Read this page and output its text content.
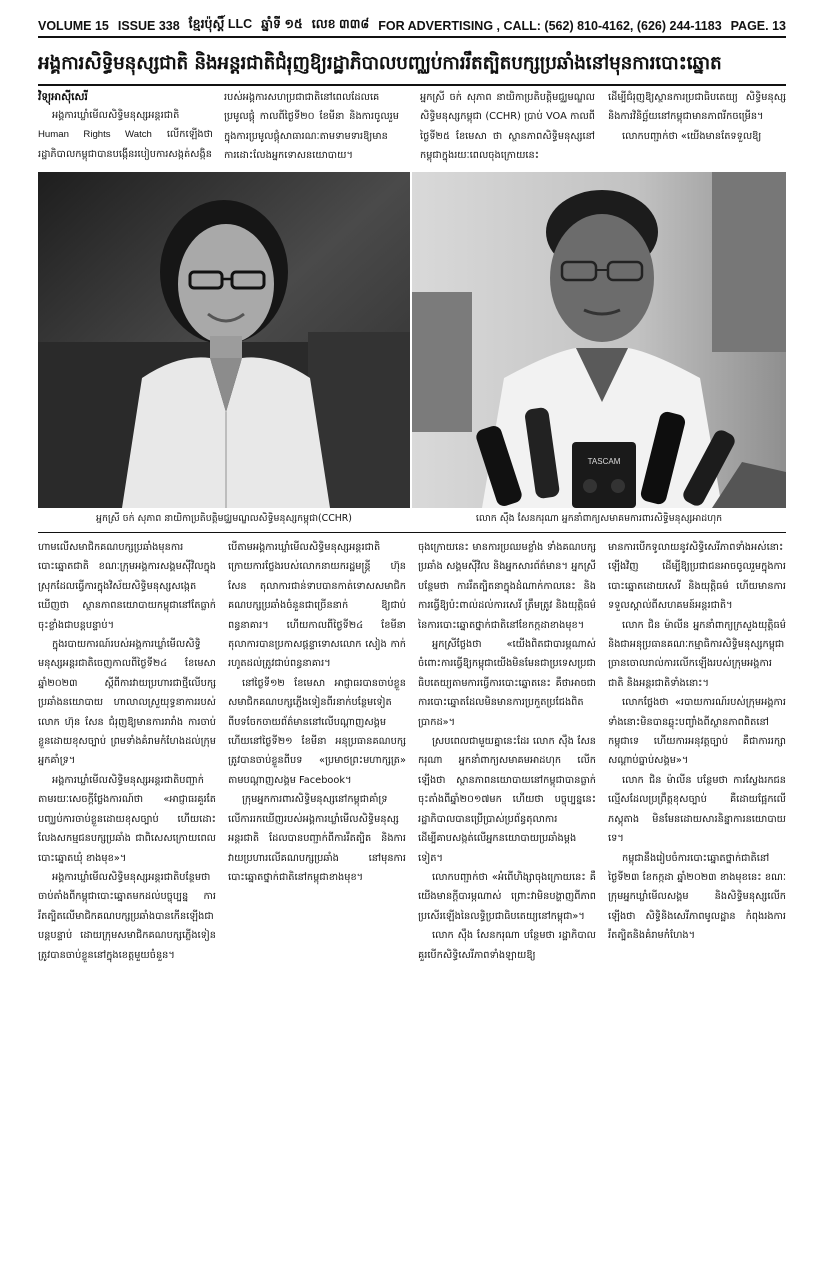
VOLUME 15 ISSUE 338 ខ្មែរប៉ុស្ដិ៍ LLC ឆ្នាំទី ១៥ លេខ ៣៣៨ FOR ADVERTISING , CALL: (562) 810-4162, (626) 244-1183 PAGE. 13
អង្គការសិទ្ធិមនុស្សជាតិ និងអន្តរជាតិជំរុញឱ្យរដ្ឋាភិបាលបញ្ឈប់ការរឹតត្បិតបក្សប្រឆាំងនៅមុនការបោះឆ្នោត
វិទ្យុអាស៊ីសេរី

អង្គការឃ្លាំមើលសិទ្ធិមនុស្សអន្តរជាតិ Human Rights Watch លើកឡើងថា រដ្ឋាភិបាលកម្ពុជាបានបង្កើនរបៀបការសង្កត់សង្កិន

របស់អង្គការសហប្រជាជាតិនៅពេលដែលគេប្រមូលផ្ដុំ កាលពីថ្ងៃទី២០ ខែមីនា និងការចូលរួមក្នុងការប្រមូលផ្ដុំសាធារណៈតាមទាមទារឱ្យមានការដោះលែងអ្នកទោសនយោបាយ។

អ្នកស្រី ចក់ សុភាព នាយិកាប្រតិបត្តិមជ្ឈមណ្ឌលសិទ្ធិមនុស្សកម្ពុជា (CCHR) ប្រាប់ VOA កាលពីថ្ងៃទី២៥ ខែមេសា ថា ស្ថានភាពសិទ្ធិមនុស្សនៅកម្ពុជាក្នុងរយៈពេលចុងក្រោយនេះ

ដើម្បីជំរុញឱ្យស្ថានការប្រជាធិបតេយ្យ សិទ្ធិមនុស្ស និងការវិនិច្ឆ័យនៅកម្ពុជាមានភាពរីកចម្រើន។

លោកបញ្ជាក់ថា «យើងមានតែទទួលឱ្យ

TASCAM
អ្នកស្រី ចក់ សុភាព នាយិកាប្រតិបត្តិមជ្ឈមណ្ឌលសិទ្ធិមនុស្សកម្ពុជា(CCHR)	លោក ស៊ឹង សែនករុណា អ្នកនាំពាក្យសមាគមការពារសិទ្ធិមនុស្សអាដហុក

ហាមលើសមាជិកគណបក្សប្រឆាំងមុនការបោះឆ្នោតជាតិ ខណៈក្រុមអង្គការសង្គមស៊ីវិលក្នុងស្រុកដែលធ្វើការក្នុងវិស័យសិទ្ធិមនុស្សសង្កេតឃើញថា ស្ថានភាពនយោបាយកម្ពុជានៅតែធ្លាក់ចុះខ្លាំងជាបន្តបន្ទាប់។

ក្នុងរបាយការណ៍របស់អង្គការឃ្លាំមើលសិទ្ធិមនុស្សអន្តរជាតិចេញកាលពីថ្ងៃទី២៤ ខែមេសា ឆ្នាំ២០២៣ ស្ដីពីការវាយប្រហារជាថ្មីលើបក្សប្រឆាំងនយោបាយ ហាលាលស្រួយុទ្ធនាការរបស់លោក ហ៊ុន សែន ជំរុញឱ្យមានការរារាំង ការចាប់ខ្លួនដោយខុសច្បាប់ ព្រមទាំងគំរាមកំហែងដល់ក្រុមអ្នកគាំទ្រ។

អង្គការឃ្លាំមើលសិទ្ធិមនុស្សអន្តរជាតិបញ្ជាក់តាមរយៈសេចក្ដីថ្លែងការណ៍ថា «អាជ្ញាធរគួរតែបញ្ឈប់ការចាប់ខ្លួនដោយខុសច្បាប់ ហើយដោះលែងសកម្មជនបក្សប្រឆាំង ជាពិសេសក្រោយពេលបោះឆ្នោតឃុំ ខាងមុខ»។

អង្គការឃ្លាំមើលសិទ្ធិមនុស្សអន្តរជាតិបន្ថែមថា ចាប់តាំងពីកម្ពុជាបោះឆ្នោតមកដល់បច្ចុប្បន្ន ការរឹតត្បិតលើមាជិកគណបក្សប្រឆាំងបានកើនឡើងជាបន្តបន្ទាប់ ដោយក្រុមសមាជិកគណបក្សភ្លើងទៀនត្រូវបានចាប់ខ្លួននៅក្នុងខេត្តមួយចំនួន។

បើតាមអង្គការឃ្លាំមើលសិទ្ធិមនុស្សអន្តរជាតិ ក្រោយការថ្លែងរបស់លោកនាយករដ្ឋមន្ត្រី ហ៊ុន សែន តុលាការជាន់ទាបបានកាត់ទោសសមាជិកគណបក្សប្រឆាំងចំនួនជាច្រើននាក់ ឱ្យជាប់ពន្ធនាគារ។ ហើយកាលពីថ្ងៃទី២៤ ខែមីនា តុលាការបានប្រកាសផ្ដន្ទាទោសលោក សៀង កាក់ រហូតដល់ត្រូវជាប់ពន្ធនាគារ។

នៅថ្ងៃទី១២ ខែមេសា អាជ្ញាធរបានចាប់ខ្លួនសមាជិកគណបក្សភ្លើងទៀនពីរនាក់បន្ថែមទៀត ពីបទចែកចាយព័ត៌មាននៅលើបណ្ដាញសង្គម ហើយនៅថ្ងៃទី២១ ខែមីនា អនុប្រធានគណបក្សត្រូវបានចាប់ខ្លួនពីបទ «ប្រមាថព្រះមហាក្សត្រ» តាមបណ្ដាញសង្គម Facebook។

ក្រុមអ្នកការពារសិទ្ធិមនុស្សនៅកម្ពុជាគាំទ្រលើការរកឃើញរបស់អង្គការឃ្លាំមើលសិទ្ធិមនុស្សអន្តរជាតិ ដែលបានបញ្ជាក់ពីការរឹតត្បិត និងការវាយប្រហារលើគណបក្សប្រឆាំង នៅមុនការបោះឆ្នោតថ្នាក់ជាតិនៅកម្ពុជាខាងមុខ។

ចុងក្រោយនេះ មានការប្រឈមខ្លាំង ទាំងគណបក្សប្រឆាំង សង្គមស៊ីវិល និងអ្នកសារព័ត៌មាន។ អ្នកស្រីបន្ថែមថា ការរឹតត្បិតនាក្នុងដំណាក់កាលនេះ និងការធ្វើឱ្យប៉ះពាល់ដល់ការសេរី ត្រឹមត្រូវ និងយុត្តិធម៌នៃការបោះឆ្នោតថ្នាក់ជាតិនៅខែកក្កដាខាងមុខ។

អ្នកស្រីថ្លែងថា «យើងពិតជាបារម្ភណាស់ ចំពោះការធ្វើឱ្យកម្ពុជាយើងមិនមែនជាប្រទេសប្រជាធិបតេយ្យតាមការធ្វើការបោះឆ្នោតនេះ គឺថាអាចជាការបោះឆ្នោតដែលមិនមានការប្រកួតប្រជែងពិតប្រាកដ»។

ស្របពេលជាមួយគ្នានេះដែរ លោក ស៊ឹង សែនករុណា អ្នកនាំពាក្យសមាគមអាដហុក លើកឡើងថា ស្ថានភាពនយោបាយនៅកម្ពុជាបានធ្លាក់ចុះតាំងពីឆ្នាំ២០១៧មក ហើយថា បច្ចុប្បន្ននេះ រដ្ឋាភិបាលបានប្រើប្រាស់ប្រព័ន្ធតុលាការ ដើម្បីគាបសង្កត់លើអ្នកនយោបាយប្រឆាំងម្ដងទៀត។

លោកបញ្ជាក់ថា «អំពើហិង្សាចុងក្រោយនេះ គឺយើងមានក្ដីបារម្ភណាស់ ព្រោះវាមិនបង្ហាញពីភាពប្រសើរឡើងនៃលទ្ធិប្រជាធិបតេយ្យនៅកម្ពុជា»។

លោក ស៊ឹង សែនករុណា បន្ថែមថា រដ្ឋាភិបាលគួរបើកសិទ្ធិសេរីភាពទាំងឡាយឱ្យ

មានការបើកទូលាយនូវសិទ្ធិសេរីភាពទាំងអស់នោះឡើងវិញ ដើម្បីឱ្យប្រជាជនអាចចូលរួមក្នុងការបោះឆ្នោតដោយសេរី និងយុត្តិធម៌ ហើយមានការទទួលស្គាល់ពីសហគមន៍អន្តរជាតិ។

លោក ជិន ម៉ាលីន អ្នកនាំពាក្យក្រសួងយុត្តិធម៌ និងជាអនុប្រធានគណៈកម្មាធិការសិទ្ធិមនុស្សកម្ពុជា ច្រានចោលរាល់ការលើកឡើងរបស់ក្រុមអង្គការជាតិ និងអន្តរជាតិទាំងនោះ។

លោកថ្លែងថា «របាយការណ៍របស់ក្រុមអង្គការទាំងនោះមិនបានឆ្លុះបញ្ចាំងពីស្ថានភាពពិតនៅកម្ពុជាទេ ហើយការអនុវត្តច្បាប់ គឺជាការរក្សាសណ្ដាប់ធ្នាប់សង្គម»។

លោក ជិន ម៉ាលីន បន្ថែមថា ការស្វែងរកជនល្មើសដែលប្រព្រឹត្តខុសច្បាប់ គឺដោយផ្អែកលើភស្តុតាង មិនមែនដោយសារនិន្នាការនយោបាយទេ។

កម្ពុជានឹងរៀបចំការបោះឆ្នោតថ្នាក់ជាតិនៅថ្ងៃទី២៣ ខែកក្កដា ឆ្នាំ២០២៣ ខាងមុខនេះ ខណៈក្រុមអ្នកឃ្លាំមើលសង្គម និងសិទ្ធិមនុស្សលើកឡើងថា សិទ្ធិនិងសេរីភាពមូលដ្ឋាន កំពុងរងការរឹតត្បិតនិងគំរាមកំហែង។
